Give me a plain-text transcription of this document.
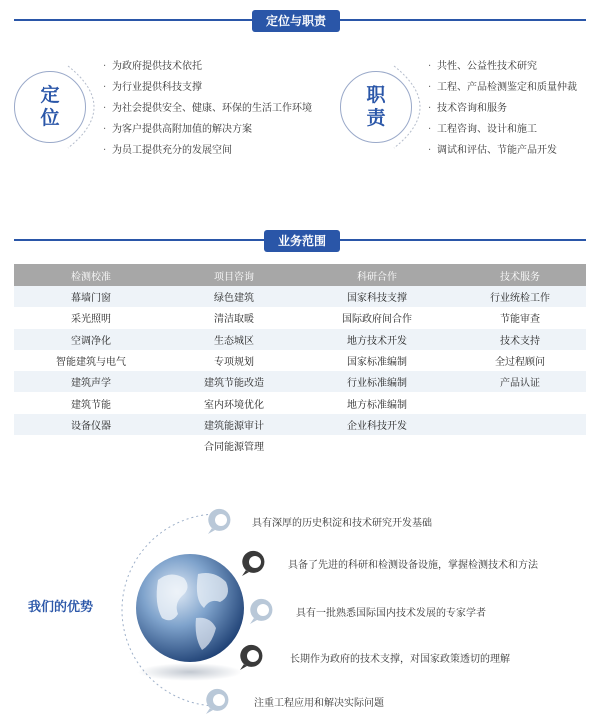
定位与职责
定
位
· 为政府提供技术依托
· 为行业提供科技支撑
· 为社会提供安全、健康、环保的生活工作环境
· 为客户提供高附加值的解决方案
· 为员工提供充分的发展空间
职
责
· 共性、公益性技术研究
· 工程、产品检测鉴定和质量仲裁
· 技术咨询和服务
· 工程咨询、设计和施工
· 调试和评估、节能产品开发
业务范围
检测校准	项目咨询	科研合作	技术服务
幕墙门窗	绿色建筑	国家科技支撑	行业统检工作
采光照明	清洁取暖	国际政府间合作	节能审查
空调净化	生态城区	地方技术开发	技术支持
智能建筑与电气	专项规划	国家标准编制	全过程顾问
建筑声学	建筑节能改造	行业标准编制	产品认证
建筑节能	室内环境优化	地方标准编制	
设备仪器	建筑能源审计	企业科技开发	
	合同能源管理		
我们的优势
具有深厚的历史积淀和技术研究开发基础
具备了先进的科研和检测设备设施，掌握检测技术和方法
具有一批熟悉国际国内技术发展的专家学者
长期作为政府的技术支撑，对国家政策透切的理解
注重工程应用和解决实际问题
